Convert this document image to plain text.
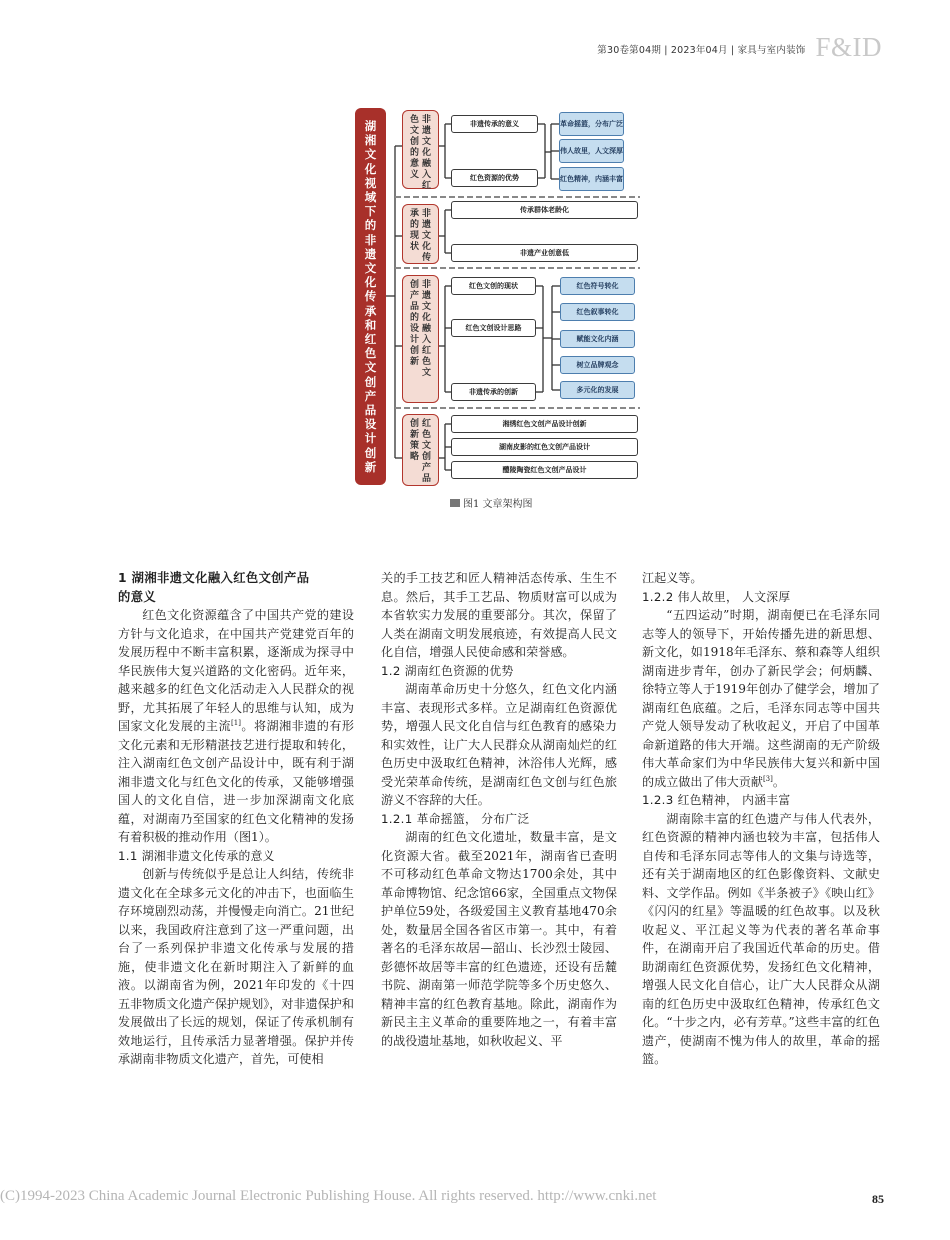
第30卷第04期 | 2023年04月 | 家具与室内装饰 F&ID
湖
湘
文
化
视
域
下
的
非
遗
文
化
传
承
和
红
色
文
创
产
品
设
计
创
新
非
遗
文
化
融
入
红
色
文
创
的
意
义
非
遗
文
化
传
承
的
现
状
非
遗
文
化
融
入
红
色
文
创
产
品
的
设
计
创
新
红
色
文
创
产
品
创
新
策
略
非遗传承的意义
红色资源的优势
革命摇篮，分布广泛
伟人故里，人文深厚
红色精神，内涵丰富
传承群体老龄化
非遗产业创意低
红色文创的现状
红色文创设计思路
非遗传承的创新
红色符号转化
红色叙事转化
赋能文化内涵
树立品牌观念
多元化的发展
湘绣红色文创产品设计创新
湖南皮影的红色文创产品设计
醴陵陶瓷红色文创产品设计
图1 文章架构图

1 湖湘非遗文化融入红色文创产品

的意义

红色文化资源蕴含了中国共产党的建设方针与文化追求，在中国共产党建党百年的发展历程中不断丰富积累，逐渐成为探寻中华民族伟大复兴道路的文化密码。近年来，越来越多的红色文化活动走入人民群众的视野，尤其拓展了年轻人的思维与认知，成为国家文化发展的主流[1]。将湖湘非遗的有形文化元素和无形精湛技艺进行提取和转化，注入湖南红色文创产品设计中，既有利于湖湘非遗文化与红色文化的传承，又能够增强国人的文化自信，进一步加深湖南文化底蕴，对湖南乃至国家的红色文化精神的发扬有着积极的推动作用（图1）。

1.1 湖湘非遗文化传承的意义

创新与传统似乎是总让人纠结，传统非遗文化在全球多元文化的冲击下，也面临生存环境剧烈动荡，并慢慢走向消亡。21世纪以来，我国政府注意到了这一严重问题，出台了一系列保护非遗文化传承与发展的措施，使非遗文化在新时期注入了新鲜的血液。以湖南省为例，2021年印发的《十四五非物质文化遗产保护规划》，对非遗保护和发展做出了长远的规划，保证了传承机制有效地运行，且传承活力显著增强。保护并传承湖南非物质文化遗产，首先，可使相

关的手工技艺和匠人精神活态传承、生生不息。然后，其手工艺品、物质财富可以成为本省软实力发展的重要部分。其次，保留了人类在湖南文明发展痕迹，有效提高人民文化自信，增强人民使命感和荣誉感。

1.2 湖南红色资源的优势

湖南革命历史十分悠久，红色文化内涵丰富、表现形式多样。立足湖南红色资源优势，增强人民文化自信与红色教育的感染力和实效性，让广大人民群众从湖南灿烂的红色历史中汲取红色精神，沐浴伟人光辉，感受光荣革命传统，是湖南红色文创与红色旅游义不容辞的大任。

1.2.1 革命摇篮， 分布广泛

湖南的红色文化遗址，数量丰富，是文化资源大省。截至2021年，湖南省已查明不可移动红色革命文物达1700余处，其中革命博物馆、纪念馆66家，全国重点文物保护单位59处，各级爱国主义教育基地470余处，数量居全国各省区市第一。其中，有着著名的毛泽东故居—韶山、长沙烈士陵园、彭德怀故居等丰富的红色遗迹，还设有岳麓书院、湖南第一师范学院等多个历史悠久、精神丰富的红色教育基地。除此，湖南作为新民主主义革命的重要阵地之一，有着丰富的战役遗址基地，如秋收起义、平

江起义等。

1.2.2 伟人故里， 人文深厚

“五四运动”时期，湖南便已在毛泽东同志等人的领导下，开始传播先进的新思想、新文化，如1918年毛泽东、蔡和森等人组织湖南进步青年，创办了新民学会；何炳麟、徐特立等人于1919年创办了健学会，增加了湖南红色底蕴。之后，毛泽东同志等中国共产党人领导发动了秋收起义，开启了中国革命新道路的伟大开端。这些湖南的无产阶级伟大革命家们为中华民族伟大复兴和新中国的成立做出了伟大贡献[3]。

1.2.3 红色精神， 内涵丰富

湖南除丰富的红色遗产与伟人代表外，红色资源的精神内涵也较为丰富，包括伟人自传和毛泽东同志等伟人的文集与诗选等，还有关于湖南地区的红色影像资料、文献史料、文学作品。例如《半条被子》《映山红》《闪闪的红星》等温暖的红色故事。以及秋收起义、平江起义等为代表的著名革命事件，在湖南开启了我国近代革命的历史。借助湖南红色资源优势，发扬红色文化精神，增强人民文化自信心，让广大人民群众从湖南的红色历史中汲取红色精神，传承红色文化。“十步之内，必有芳草。”这些丰富的红色遗产，使湖南不愧为伟人的故里，革命的摇篮。

(C)1994-2023 China Academic Journal Electronic Publishing House. All rights reserved. http://www.cnki.net	85
